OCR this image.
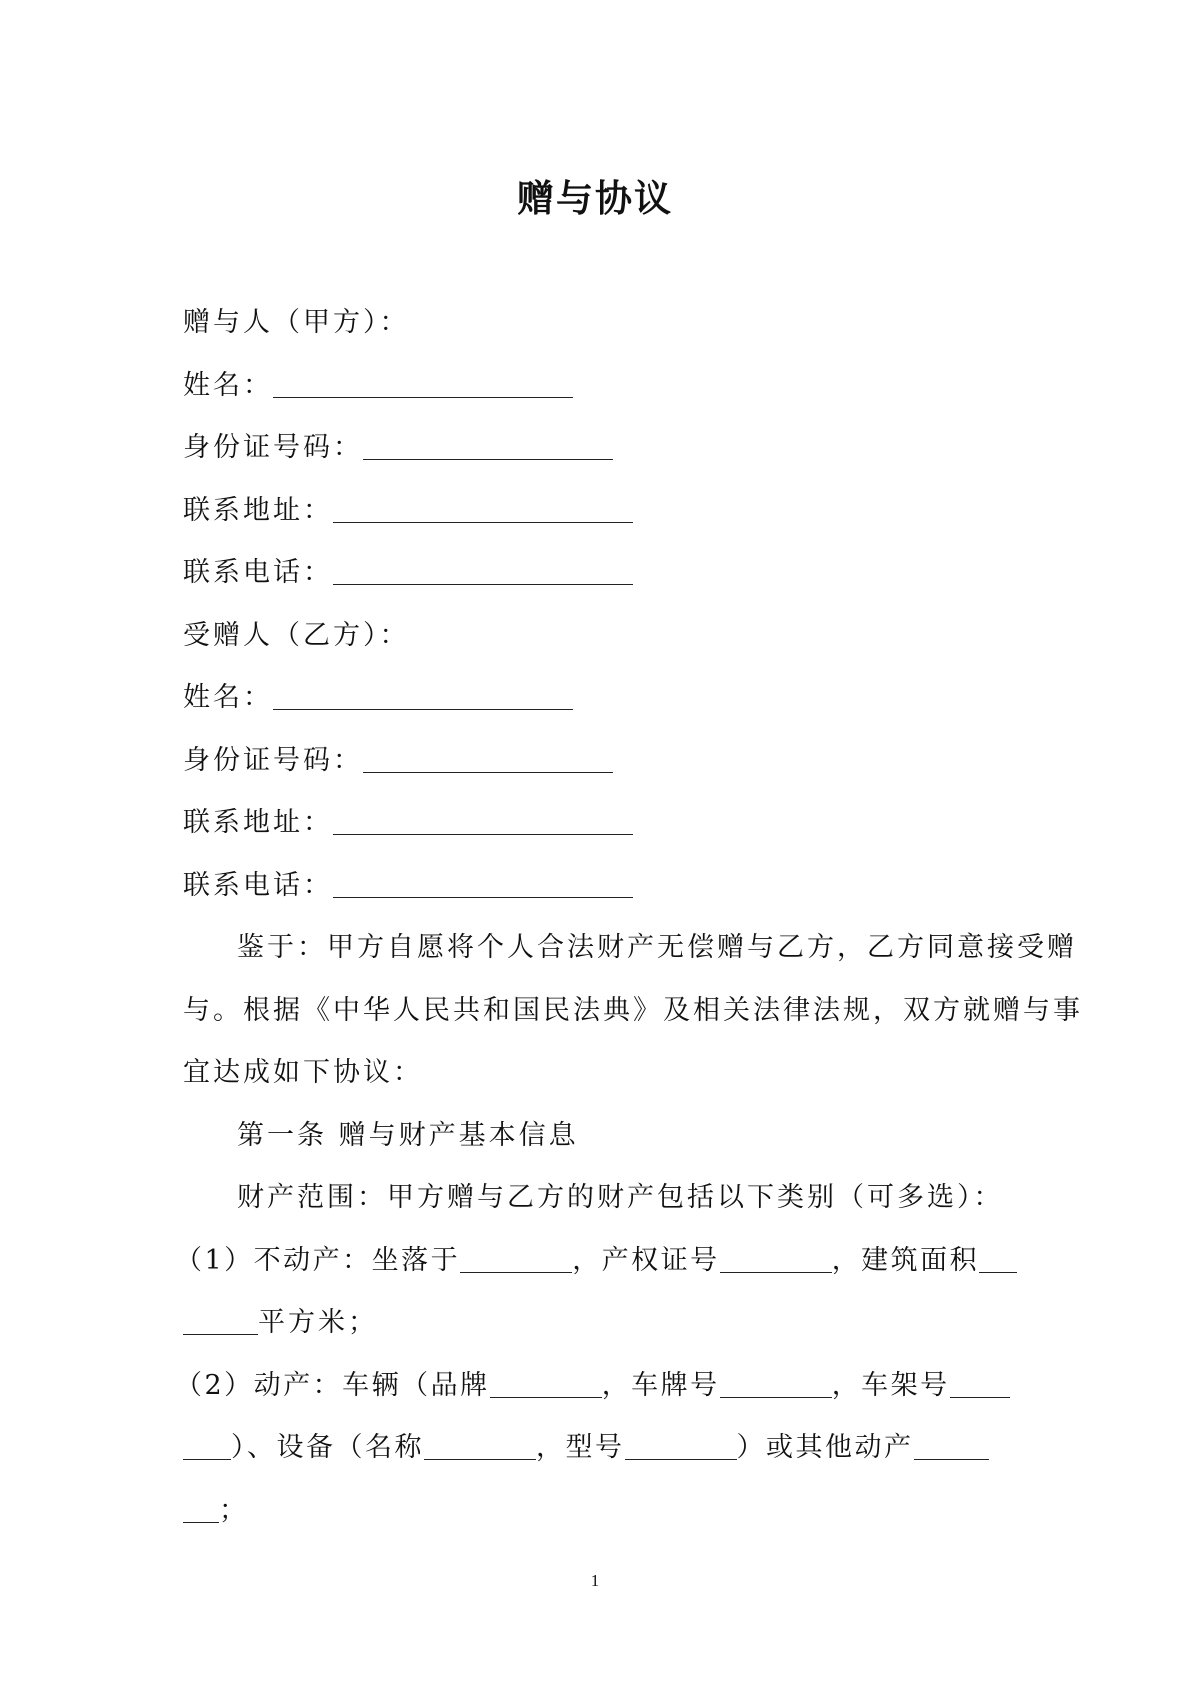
赠与协议
赠与人（甲方）：
姓名：
身份证号码：
联系地址：
联系电话：
受赠人（乙方）：
姓名：
身份证号码：
联系地址：
联系电话：
鉴于：甲方自愿将个人合法财产无偿赠与乙方，乙方同意接受赠
与。根据《中华人民共和国民法典》及相关法律法规，双方就赠与事
宜达成如下协议：
第一条 赠与财产基本信息
财产范围：甲方赠与乙方的财产包括以下类别（可多选）：
（1）不动产：坐落于	，产权证号	，建筑面积
平方米；
（2）动产：车辆（品牌	，车牌号	，车架号
）、设备（名称	，型号	）或其他动产
；
1
